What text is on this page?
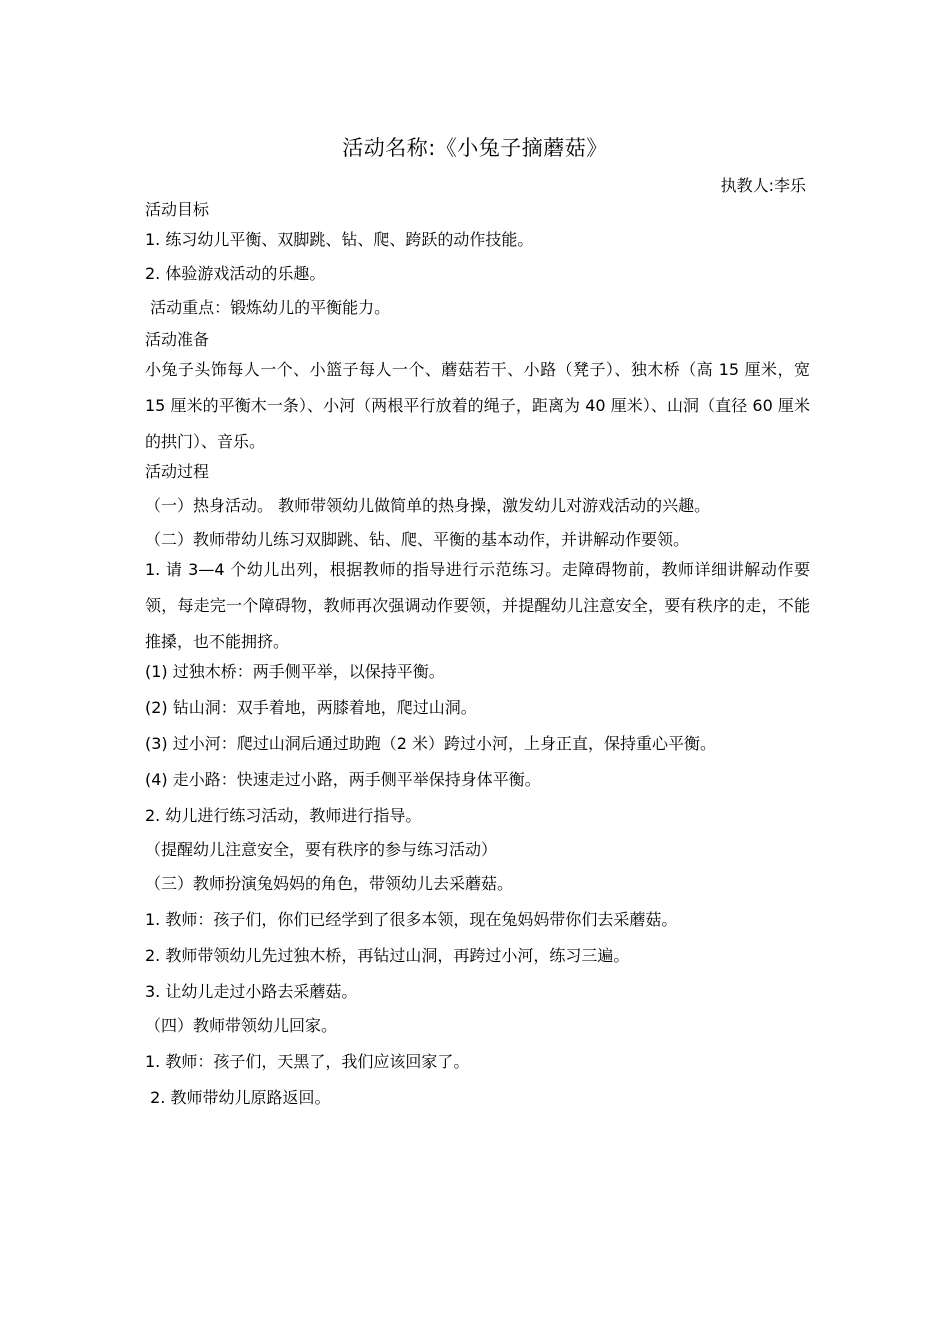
活动名称:《小兔子摘蘑菇》

执教人:李乐

活动目标

1. 练习幼儿平衡、双脚跳、钻、爬、跨跃的动作技能。

2. 体验游戏活动的乐趣。

活动重点：锻炼幼儿的平衡能力。

活动准备

小兔子头饰每人一个、小篮子每人一个、蘑菇若干、小路（凳子）、独木桥（高 15 厘米，宽 15 厘米的平衡木一条）、小河（两根平行放着的绳子，距离为 40 厘米）、山洞（直径 60 厘米的拱门）、音乐。

活动过程

（一）热身活动。 教师带领幼儿做简单的热身操，激发幼儿对游戏活动的兴趣。

（二）教师带幼儿练习双脚跳、钻、爬、平衡的基本动作，并讲解动作要领。

1. 请 3—4 个幼儿出列，根据教师的指导进行示范练习。走障碍物前，教师详细讲解动作要领，每走完一个障碍物，教师再次强调动作要领，并提醒幼儿注意安全，要有秩序的走，不能推搡，也不能拥挤。

(1) 过独木桥：两手侧平举，以保持平衡。

(2) 钻山洞：双手着地，两膝着地，爬过山洞。

(3) 过小河：爬过山洞后通过助跑（2 米）跨过小河，上身正直，保持重心平衡。

(4) 走小路：快速走过小路，两手侧平举保持身体平衡。

2. 幼儿进行练习活动，教师进行指导。

（提醒幼儿注意安全，要有秩序的参与练习活动）

（三）教师扮演兔妈妈的角色，带领幼儿去采蘑菇。

1. 教师：孩子们，你们已经学到了很多本领，现在兔妈妈带你们去采蘑菇。

2. 教师带领幼儿先过独木桥，再钻过山洞，再跨过小河，练习三遍。

3. 让幼儿走过小路去采蘑菇。

（四）教师带领幼儿回家。

1. 教师：孩子们，天黑了，我们应该回家了。

2. 教师带幼儿原路返回。
